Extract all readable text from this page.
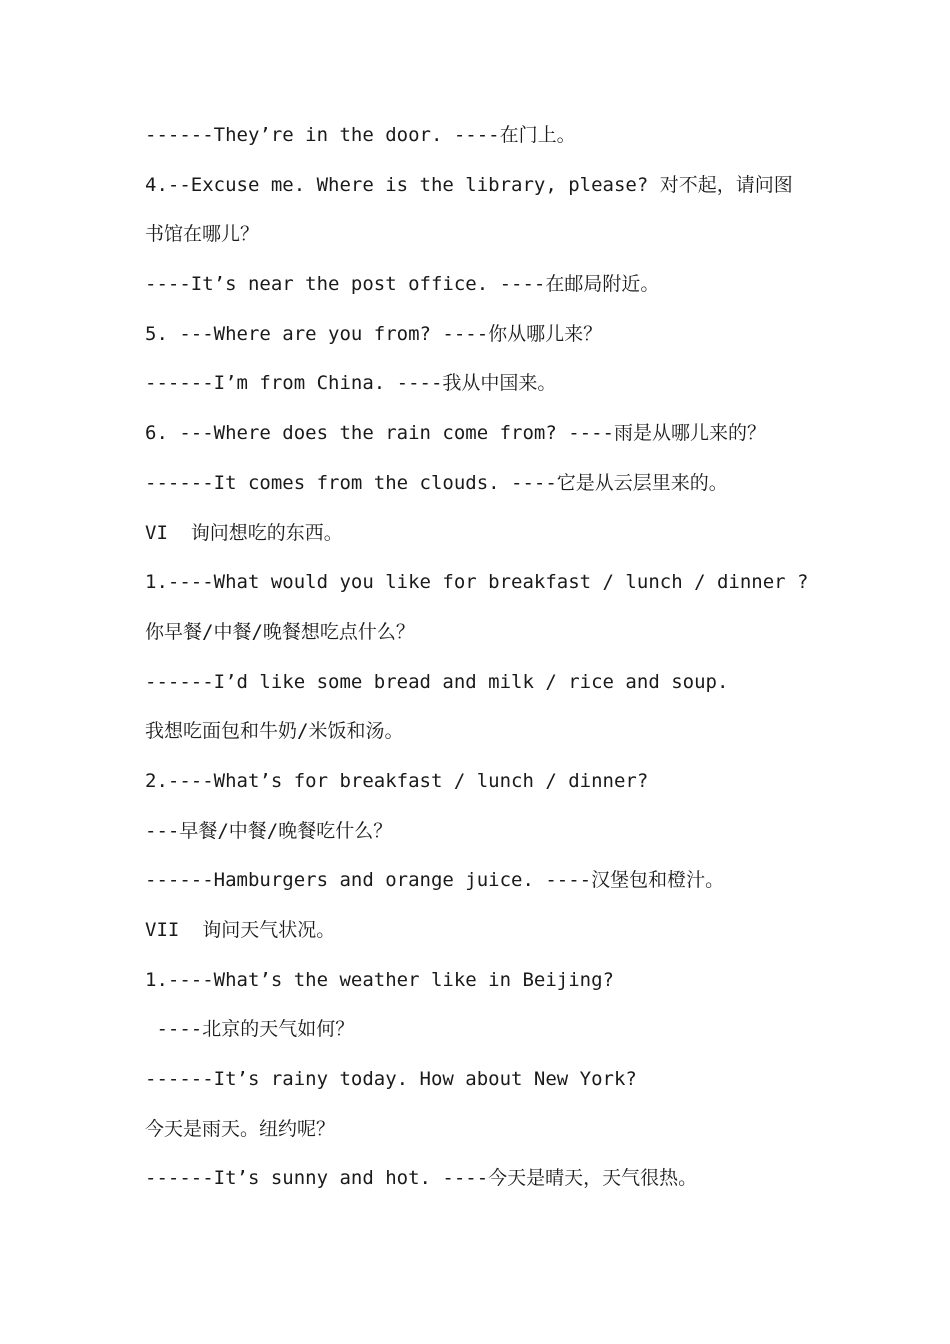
------They’re in the door. ----在门上。
4.--Excuse me. Where is the library, please? 对不起，请问图
书馆在哪儿？
----It’s near the post office. ----在邮局附近。
5. ---Where are you from? ----你从哪儿来？
------I’m from China. ----我从中国来。
6. ---Where does the rain come from? ----雨是从哪儿来的？
------It comes from the clouds. ----它是从云层里来的。
VI  询问想吃的东西。
1.----What would you like for breakfast / lunch / dinner ?
你早餐/中餐/晚餐想吃点什么？
------I’d like some bread and milk / rice and soup.
我想吃面包和牛奶/米饭和汤。
2.----What’s for breakfast / lunch / dinner?
---早餐/中餐/晚餐吃什么？
------Hamburgers and orange juice. ----汉堡包和橙汁。
VII  询问天气状况。
1.----What’s the weather like in Beijing?
----北京的天气如何？
------It’s rainy today. How about New York?
今天是雨天。纽约呢？
------It’s sunny and hot. ----今天是晴天，天气很热。
